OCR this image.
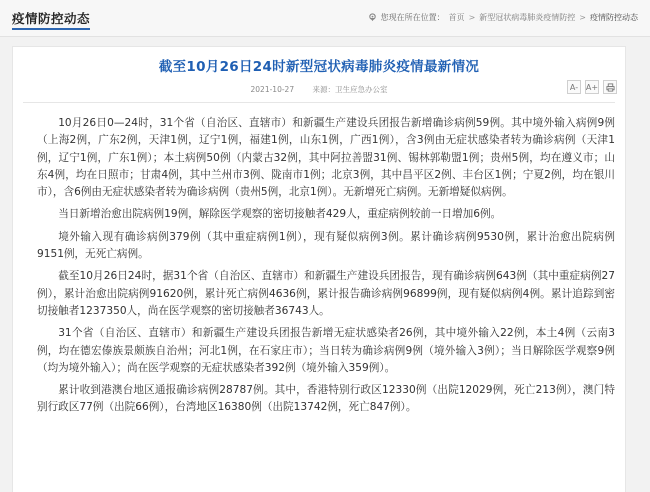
疫情防控动态	您现在所在位置： 首页 > 新型冠状病毒肺炎疫情防控 > 疫情防控动态
截至10月26日24时新型冠状病毒肺炎疫情最新情况
2021-10-27 来源：卫生应急办公室	A- A+

10月26日0—24时，31个省（自治区、直辖市）和新疆生产建设兵团报告新增确诊病例59例。其中境外输入病例9例（上海2例，广东2例，天津1例，辽宁1例，福建1例，山东1例，广西1例），含3例由无症状感染者转为确诊病例（天津1例，辽宁1例，广东1例）；本土病例50例（内蒙古32例，其中阿拉善盟31例、锡林郭勒盟1例；贵州5例，均在遵义市；山东4例，均在日照市；甘肃4例，其中兰州市3例、陇南市1例；北京3例，其中昌平区2例、丰台区1例；宁夏2例，均在银川市），含6例由无症状感染者转为确诊病例（贵州5例，北京1例）。无新增死亡病例。无新增疑似病例。

当日新增治愈出院病例19例，解除医学观察的密切接触者429人，重症病例较前一日增加6例。

境外输入现有确诊病例379例（其中重症病例1例），现有疑似病例3例。累计确诊病例9530例，累计治愈出院病例9151例，无死亡病例。

截至10月26日24时，据31个省（自治区、直辖市）和新疆生产建设兵团报告，现有确诊病例643例（其中重症病例27例），累计治愈出院病例91620例，累计死亡病例4636例，累计报告确诊病例96899例，现有疑似病例4例。累计追踪到密切接触者1237350人，尚在医学观察的密切接触者36743人。

31个省（自治区、直辖市）和新疆生产建设兵团报告新增无症状感染者26例，其中境外输入22例，本土4例（云南3例，均在德宏傣族景颇族自治州；河北1例，在石家庄市）；当日转为确诊病例9例（境外输入3例）；当日解除医学观察9例（均为境外输入）；尚在医学观察的无症状感染者392例（境外输入359例）。

累计收到港澳台地区通报确诊病例28787例。其中，香港特别行政区12330例（出院12029例，死亡213例），澳门特别行政区77例（出院66例），台湾地区16380例（出院13742例，死亡847例）。
